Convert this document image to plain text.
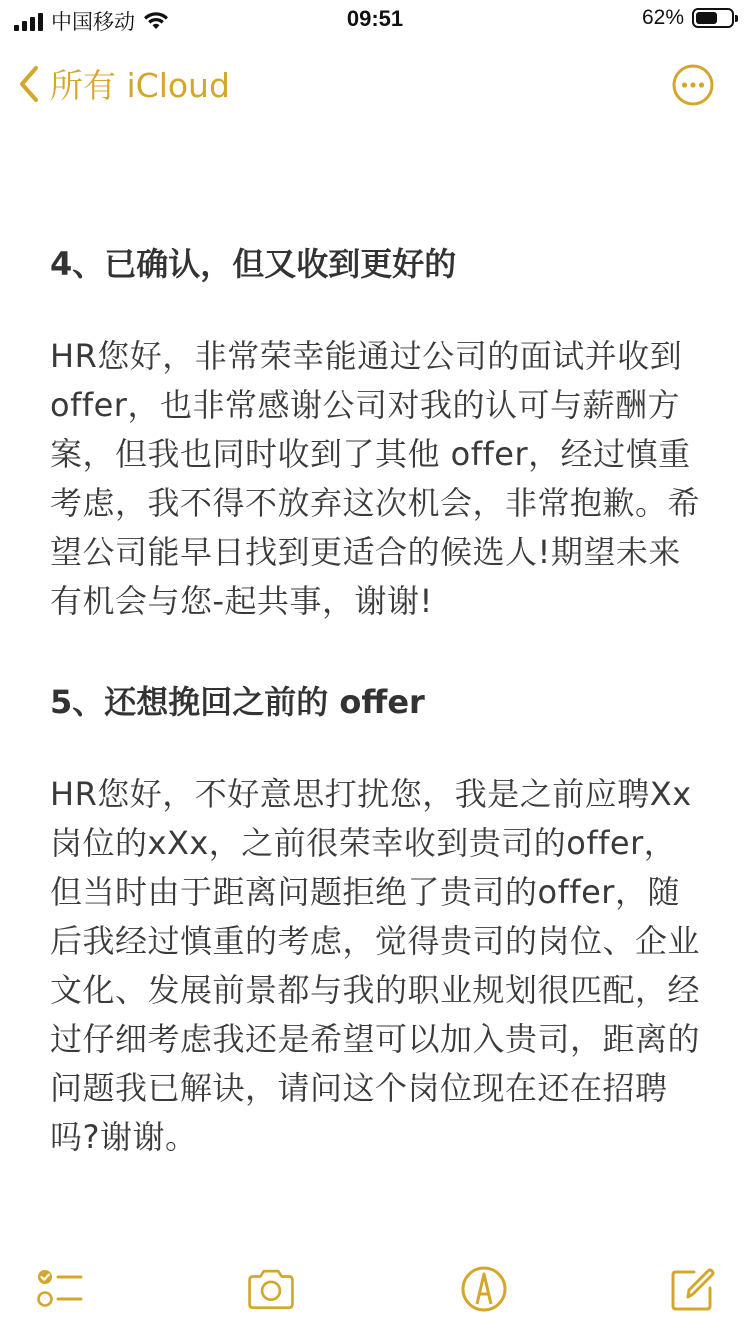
中国移动	09:51	62%
所有 iCloud
4、已确认，但又收到更好的
HR您好，非常荣幸能通过公司的面试并收到offer，也非常感谢公司对我的认可与薪酬方案，但我也同时收到了其他 offer，经过慎重考虑，我不得不放弃这次机会，非常抱歉。希望公司能早日找到更适合的候选人!期望未来有机会与您-起共事，谢谢!
5、还想挽回之前的 offer
HR您好，不好意思打扰您，我是之前应聘Xx岗位的xXx，之前很荣幸收到贵司的offer，但当时由于距离问题拒绝了贵司的offer，随后我经过慎重的考虑，觉得贵司的岗位、企业文化、发展前景都与我的职业规划很匹配，经过仔细考虑我还是希望可以加入贵司，距离的问题我已解诀，请问这个岗位现在还在招聘吗?谢谢。
